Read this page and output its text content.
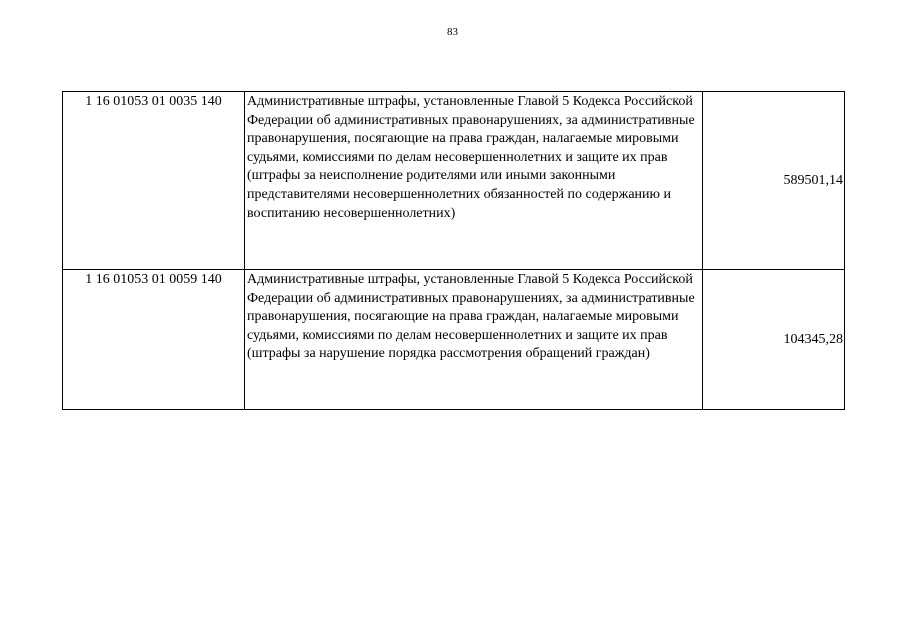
83
1 16 01053 01 0035 140	Административные штрафы, установленные Главой 5 Кодекса Российской Федерации об административных правонарушениях, за административные правонарушения, посягающие на права граждан, налагаемые мировыми судьями, комиссиями по делам несовершеннолетних и защите их прав (штрафы за неисполнение родителями или иными законными представителями несовершеннолетних обязанностей по содержанию и воспитанию несовершеннолетних)	589501,14
1 16 01053 01 0059 140	Административные штрафы, установленные Главой 5 Кодекса Российской Федерации об административных правонарушениях, за административные правонарушения, посягающие на права граждан, налагаемые мировыми судьями, комиссиями по делам несовершеннолетних и защите их прав (штрафы за нарушение порядка рассмотрения обращений граждан)	104345,28
